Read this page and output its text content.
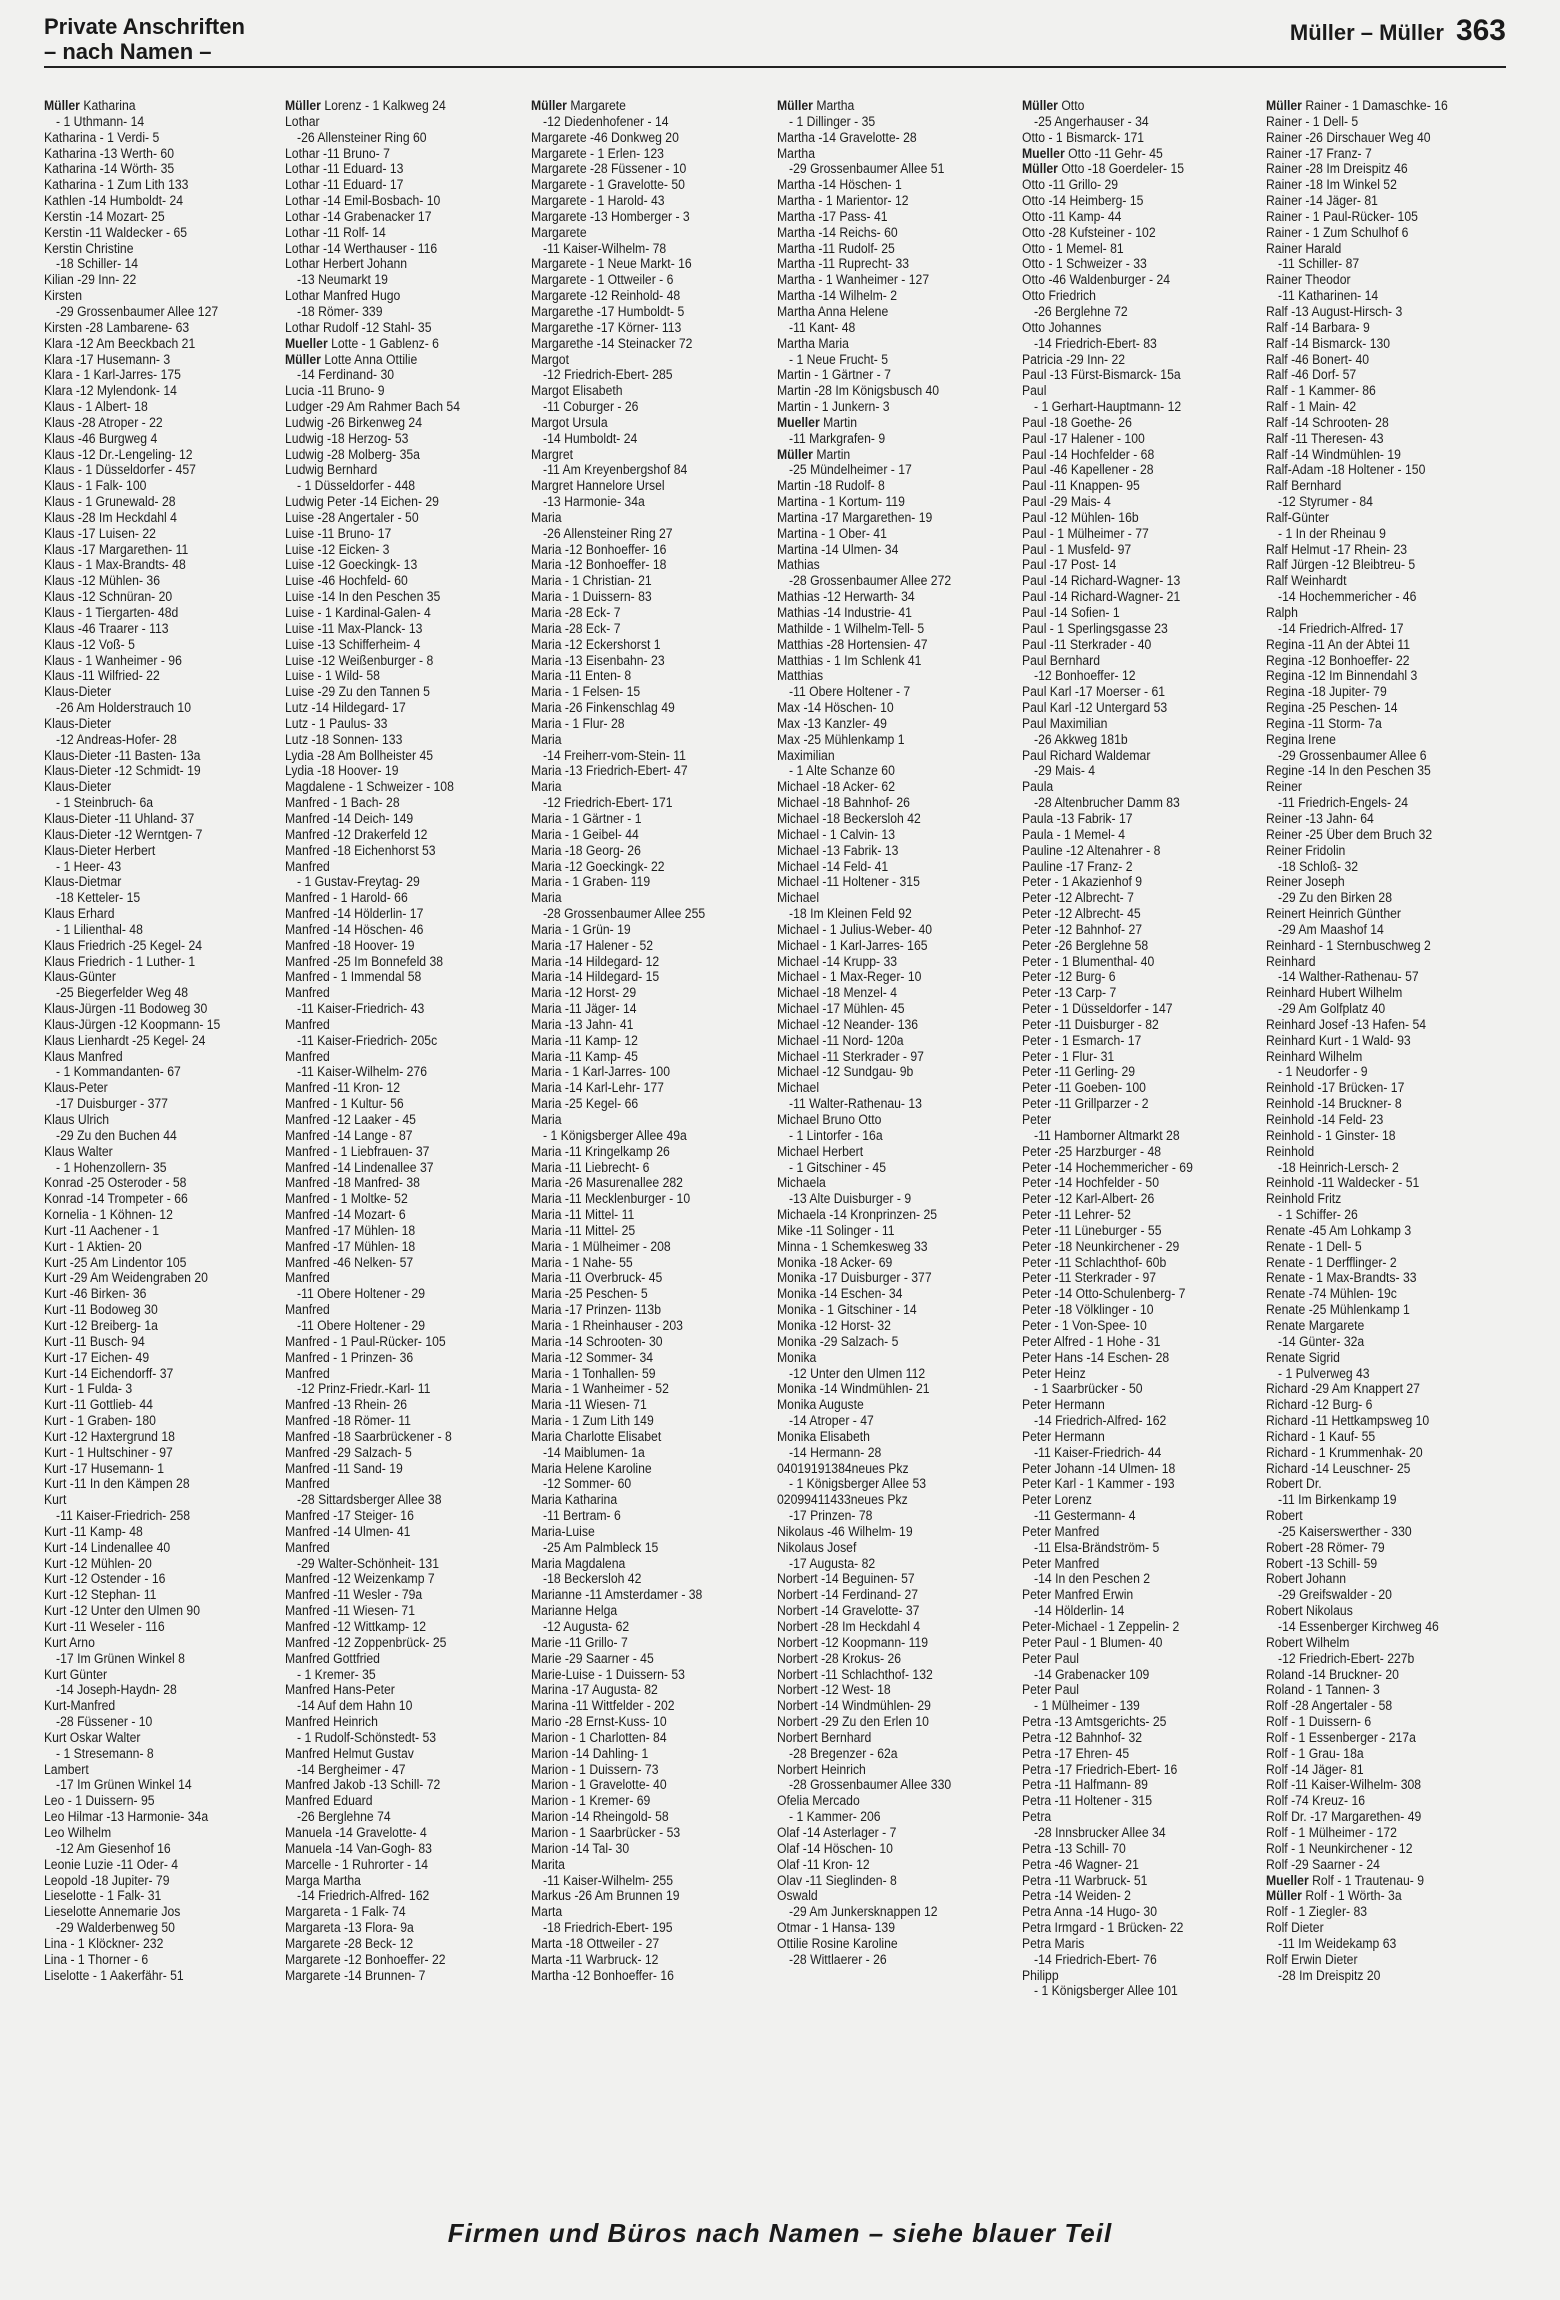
Private Anschriften
– nach Namen –
Müller – Müller 363
Müller Katharina
- 1 Uthmann- 14
Katharina - 1 Verdi- 5
Katharina -13 Werth- 60
Katharina -14 Wörth- 35
Katharina - 1 Zum Lith 133
Kathlen -14 Humboldt- 24
Kerstin -14 Mozart- 25
Kerstin -11 Waldecker - 65
Kerstin Christine
-18 Schiller- 14
Kilian -29 Inn- 22
Kirsten
-29 Grossenbaumer Allee 127
Kirsten -28 Lambarene- 63
Klara -12 Am Beeckbach 21
Klara -17 Husemann- 3
Klara - 1 Karl-Jarres- 175
Klara -12 Mylendonk- 14
Klaus - 1 Albert- 18
Klaus -28 Atroper - 22
Klaus -46 Burgweg 4
Klaus -12 Dr.-Lengeling- 12
Klaus - 1 Düsseldorfer - 457
Klaus - 1 Falk- 100
Klaus - 1 Grunewald- 28
Klaus -28 Im Heckdahl 4
Klaus -17 Luisen- 22
Klaus -17 Margarethen- 11
Klaus - 1 Max-Brandts- 48
Klaus -12 Mühlen- 36
Klaus -12 Schnüran- 20
Klaus - 1 Tiergarten- 48d
Klaus -46 Traarer - 113
Klaus -12 Voß- 5
Klaus - 1 Wanheimer - 96
Klaus -11 Wilfried- 22
Klaus-Dieter
-26 Am Holderstrauch 10
Klaus-Dieter
-12 Andreas-Hofer- 28
Klaus-Dieter -11 Basten- 13a
Klaus-Dieter -12 Schmidt- 19
Klaus-Dieter
- 1 Steinbruch- 6a
Klaus-Dieter -11 Uhland- 37
Klaus-Dieter -12 Werntgen- 7
Klaus-Dieter Herbert
- 1 Heer- 43
Klaus-Dietmar
-18 Ketteler- 15
Klaus Erhard
- 1 Lilienthal- 48
Klaus Friedrich -25 Kegel- 24
Klaus Friedrich - 1 Luther- 1
Klaus-Günter
-25 Biegerfelder Weg 48
Klaus-Jürgen -11 Bodoweg 30
Klaus-Jürgen -12 Koopmann- 15
Klaus Lienhardt -25 Kegel- 24
Klaus Manfred
- 1 Kommandanten- 67
Klaus-Peter
-17 Duisburger - 377
Klaus Ulrich
-29 Zu den Buchen 44
Klaus Walter
- 1 Hohenzollern- 35
Konrad -25 Osteroder - 58
Konrad -14 Trompeter - 66
Kornelia - 1 Köhnen- 12
Kurt -11 Aachener - 1
Kurt - 1 Aktien- 20
Kurt -25 Am Lindentor 105
Kurt -29 Am Weidengraben 20
Kurt -46 Birken- 36
Kurt -11 Bodoweg 30
Kurt -12 Breiberg- 1a
Kurt -11 Busch- 94
Kurt -17 Eichen- 49
Kurt -14 Eichendorff- 37
Kurt - 1 Fulda- 3
Kurt -11 Gottlieb- 44
Kurt - 1 Graben- 180
Kurt -12 Haxtergrund 18
Kurt - 1 Hultschiner - 97
Kurt -17 Husemann- 1
Kurt -11 In den Kämpen 28
Kurt
-11 Kaiser-Friedrich- 258
Kurt -11 Kamp- 48
Kurt -14 Lindenallee 40
Kurt -12 Mühlen- 20
Kurt -12 Ostender - 16
Kurt -12 Stephan- 11
Kurt -12 Unter den Ulmen 90
Kurt -11 Weseler - 116
Kurt Arno
-17 Im Grünen Winkel 8
Kurt Günter
-14 Joseph-Haydn- 28
Kurt-Manfred
-28 Füssener - 10
Kurt Oskar Walter
- 1 Stresemann- 8
Lambert
-17 Im Grünen Winkel 14
Leo - 1 Duissern- 95
Leo Hilmar -13 Harmonie- 34a
Leo Wilhelm
-12 Am Giesenhof 16
Leonie Luzie -11 Oder- 4
Leopold -18 Jupiter- 79
Lieselotte - 1 Falk- 31
Lieselotte Annemarie Jos
-29 Walderbenweg 50
Lina - 1 Klöckner- 232
Lina - 1 Thorner - 6
Liselotte - 1 Aakerfähr- 51
Müller Lorenz - 1 Kalkweg 24
Lothar
-26 Allensteiner Ring 60
Lothar -11 Bruno- 7
Lothar -11 Eduard- 13
Lothar -11 Eduard- 17
Lothar -14 Emil-Bosbach- 10
Lothar -14 Grabenacker 17
Lothar -11 Rolf- 14
Lothar -14 Werthauser - 116
Lothar Herbert Johann
-13 Neumarkt 19
Lothar Manfred Hugo
-18 Römer- 339
Lothar Rudolf -12 Stahl- 35
Mueller Lotte - 1 Gablenz- 6
Müller Lotte Anna Ottilie
-14 Ferdinand- 30
Lucia -11 Bruno- 9
Ludger -29 Am Rahmer Bach 54
Ludwig -26 Birkenweg 24
Ludwig -18 Herzog- 53
Ludwig -28 Molberg- 35a
Ludwig Bernhard
- 1 Düsseldorfer - 448
Ludwig Peter -14 Eichen- 29
Luise -28 Angertaler - 50
Luise -11 Bruno- 17
Luise -12 Eicken- 3
Luise -12 Goeckingk- 13
Luise -46 Hochfeld- 60
Luise -14 In den Peschen 35
Luise - 1 Kardinal-Galen- 4
Luise -11 Max-Planck- 13
Luise -13 Schifferheim- 4
Luise -12 Weißenburger - 8
Luise - 1 Wild- 58
Luise -29 Zu den Tannen 5
Lutz -14 Hildegard- 17
Lutz - 1 Paulus- 33
Lutz -18 Sonnen- 133
Lydia -28 Am Bollheister 45
Lydia -18 Hoover- 19
Magdalene - 1 Schweizer - 108
Manfred - 1 Bach- 28
Manfred -14 Deich- 149
Manfred -12 Drakerfeld 12
Manfred -18 Eichenhorst 53
Manfred
- 1 Gustav-Freytag- 29
Manfred - 1 Harold- 66
Manfred -14 Hölderlin- 17
Manfred -14 Höschen- 46
Manfred -18 Hoover- 19
Manfred -25 Im Bonnefeld 38
Manfred - 1 Immendal 58
Manfred
-11 Kaiser-Friedrich- 43
Manfred
-11 Kaiser-Friedrich- 205c
Manfred
-11 Kaiser-Wilhelm- 276
Manfred -11 Kron- 12
Manfred - 1 Kultur- 56
Manfred -12 Laaker - 45
Manfred -14 Lange - 87
Manfred - 1 Liebfrauen- 37
Manfred -14 Lindenallee 37
Manfred -18 Manfred- 38
Manfred - 1 Moltke- 52
Manfred -14 Mozart- 6
Manfred -17 Mühlen- 18
Manfred -17 Mühlen- 18
Manfred -46 Nelken- 57
Manfred
-11 Obere Holtener - 29
Manfred
-11 Obere Holtener - 29
Manfred - 1 Paul-Rücker- 105
Manfred - 1 Prinzen- 36
Manfred
-12 Prinz-Friedr.-Karl- 11
Manfred -13 Rhein- 26
Manfred -18 Römer- 11
Manfred -18 Saarbrückener - 8
Manfred -29 Salzach- 5
Manfred -11 Sand- 19
Manfred
-28 Sittardsberger Allee 38
Manfred -17 Steiger- 16
Manfred -14 Ulmen- 41
Manfred
-29 Walter-Schönheit- 131
Manfred -12 Weizenkamp 7
Manfred -11 Wesler - 79a
Manfred -11 Wiesen- 71
Manfred -12 Wittkamp- 12
Manfred -12 Zoppenbrück- 25
Manfred Gottfried
- 1 Kremer- 35
Manfred Hans-Peter
-14 Auf dem Hahn 10
Manfred Heinrich
- 1 Rudolf-Schönstedt- 53
Manfred Helmut Gustav
-14 Bergheimer - 47
Manfred Jakob -13 Schill- 72
Manfred Eduard
-26 Berglehne 74
Manuela -14 Gravelotte- 4
Manuela -14 Van-Gogh- 83
Marcelle - 1 Ruhrorter - 14
Marga Martha
-14 Friedrich-Alfred- 162
Margareta - 1 Falk- 74
Margareta -13 Flora- 9a
Margarete -28 Beck- 12
Margarete -12 Bonhoeffer- 22
Margarete -14 Brunnen- 7
Müller Margarete
-12 Diedenhofener - 14
Margarete -46 Donkweg 20
Margarete - 1 Erlen- 123
Margarete -28 Füssener - 10
Margarete - 1 Gravelotte- 50
Margarete - 1 Harold- 43
Margarete -13 Homberger - 3
Margarete
-11 Kaiser-Wilhelm- 78
Margarete - 1 Neue Markt- 16
Margarete - 1 Ottweiler - 6
Margarete -12 Reinhold- 48
Margarethe -17 Humboldt- 5
Margarethe -17 Körner- 113
Margarethe -14 Steinacker 72
Margot
-12 Friedrich-Ebert- 285
Margot Elisabeth
-11 Coburger - 26
Margot Ursula
-14 Humboldt- 24
Margret
-11 Am Kreyenbergshof 84
Margret Hannelore Ursel
-13 Harmonie- 34a
Maria
-26 Allensteiner Ring 27
Maria -12 Bonhoeffer- 16
Maria -12 Bonhoeffer- 18
Maria - 1 Christian- 21
Maria - 1 Duissern- 83
Maria -28 Eck- 7
Maria -28 Eck- 7
Maria -12 Eckershorst 1
Maria -13 Eisenbahn- 23
Maria -11 Enten- 8
Maria - 1 Felsen- 15
Maria -26 Finkenschlag 49
Maria - 1 Flur- 28
Maria
-14 Freiherr-vom-Stein- 11
Maria -13 Friedrich-Ebert- 47
Maria
-12 Friedrich-Ebert- 171
Maria - 1 Gärtner - 1
Maria - 1 Geibel- 44
Maria -18 Georg- 26
Maria -12 Goeckingk- 22
Maria - 1 Graben- 119
Maria
-28 Grossenbaumer Allee 255
Maria - 1 Grün- 19
Maria -17 Halener - 52
Maria -14 Hildegard- 12
Maria -14 Hildegard- 15
Maria -12 Horst- 29
Maria -11 Jäger- 14
Maria -13 Jahn- 41
Maria -11 Kamp- 12
Maria -11 Kamp- 45
Maria - 1 Karl-Jarres- 100
Maria -14 Karl-Lehr- 177
Maria -25 Kegel- 66
Maria
- 1 Königsberger Allee 49a
Maria -11 Kringelkamp 26
Maria -11 Liebrecht- 6
Maria -26 Masurenallee 282
Maria -11 Mecklenburger - 10
Maria -11 Mittel- 11
Maria -11 Mittel- 25
Maria - 1 Mülheimer - 208
Maria - 1 Nahe- 55
Maria -11 Overbruck- 45
Maria -25 Peschen- 5
Maria -17 Prinzen- 113b
Maria - 1 Rheinhauser - 203
Maria -14 Schrooten- 30
Maria -12 Sommer- 34
Maria - 1 Tonhallen- 59
Maria - 1 Wanheimer - 52
Maria -11 Wiesen- 71
Maria - 1 Zum Lith 149
Maria Charlotte Elisabet
-14 Maiblumen- 1a
Maria Helene Karoline
-12 Sommer- 60
Maria Katharina
-11 Bertram- 6
Maria-Luise
-25 Am Palmbleck 15
Maria Magdalena
-18 Beckersloh 42
Marianne -11 Amsterdamer - 38
Marianne Helga
-12 Augusta- 62
Marie -11 Grillo- 7
Marie -29 Saarner - 45
Marie-Luise - 1 Duissern- 53
Marina -17 Augusta- 82
Marina -11 Wittfelder - 202
Mario -28 Ernst-Kuss- 10
Marion - 1 Charlotten- 84
Marion -14 Dahling- 1
Marion - 1 Duissern- 73
Marion - 1 Gravelotte- 40
Marion - 1 Kremer- 69
Marion -14 Rheingold- 58
Marion - 1 Saarbrücker - 53
Marion -14 Tal- 30
Marita
-11 Kaiser-Wilhelm- 255
Markus -26 Am Brunnen 19
Marta
-18 Friedrich-Ebert- 195
Marta -18 Ottweiler - 27
Marta -11 Warbruck- 12
Martha -12 Bonhoeffer- 16
Müller Martha
- 1 Dillinger - 35
Martha -14 Gravelotte- 28
Martha
-29 Grossenbaumer Allee 51
Martha -14 Höschen- 1
Martha - 1 Marientor- 12
Martha -17 Pass- 41
Martha -14 Reichs- 60
Martha -11 Rudolf- 25
Martha -11 Ruprecht- 33
Martha - 1 Wanheimer - 127
Martha -14 Wilhelm- 2
Martha Anna Helene
-11 Kant- 48
Martha Maria
- 1 Neue Frucht- 5
Martin - 1 Gärtner - 7
Martin -28 Im Königsbusch 40
Martin - 1 Junkern- 3
Mueller Martin
-11 Markgrafen- 9
Müller Martin
-25 Mündelheimer - 17
Martin -18 Rudolf- 8
Martina - 1 Kortum- 119
Martina -17 Margarethen- 19
Martina - 1 Ober- 41
Martina -14 Ulmen- 34
Mathias
-28 Grossenbaumer Allee 272
Mathias -12 Herwarth- 34
Mathias -14 Industrie- 41
Mathilde - 1 Wilhelm-Tell- 5
Matthias -28 Hortensien- 47
Matthias - 1 Im Schlenk 41
Matthias
-11 Obere Holtener - 7
Max -14 Höschen- 10
Max -13 Kanzler- 49
Max -25 Mühlenkamp 1
Maximilian
- 1 Alte Schanze 60
Michael -18 Acker- 62
Michael -18 Bahnhof- 26
Michael -18 Beckersloh 42
Michael - 1 Calvin- 13
Michael -13 Fabrik- 13
Michael -14 Feld- 41
Michael -11 Holtener - 315
Michael
-18 Im Kleinen Feld 92
Michael - 1 Julius-Weber- 40
Michael - 1 Karl-Jarres- 165
Michael -14 Krupp- 33
Michael - 1 Max-Reger- 10
Michael -18 Menzel- 4
Michael -17 Mühlen- 45
Michael -12 Neander- 136
Michael -11 Nord- 120a
Michael -11 Sterkrader - 97
Michael -12 Sundgau- 9b
Michael
-11 Walter-Rathenau- 13
Michael Bruno Otto
- 1 Lintorfer - 16a
Michael Herbert
- 1 Gitschiner - 45
Michaela
-13 Alte Duisburger - 9
Michaela -14 Kronprinzen- 25
Mike -11 Solinger - 11
Minna - 1 Schemkesweg 33
Monika -18 Acker- 69
Monika -17 Duisburger - 377
Monika -14 Eschen- 34
Monika - 1 Gitschiner - 14
Monika -12 Horst- 32
Monika -29 Salzach- 5
Monika
-12 Unter den Ulmen 112
Monika -14 Windmühlen- 21
Monika Auguste
-14 Atroper - 47
Monika Elisabeth
-14 Hermann- 28
04019191384neues Pkz
- 1 Königsberger Allee 53
02099411433neues Pkz
-17 Prinzen- 78
Nikolaus -46 Wilhelm- 19
Nikolaus Josef
-17 Augusta- 82
Norbert -14 Beguinen- 57
Norbert -14 Ferdinand- 27
Norbert -14 Gravelotte- 37
Norbert -28 Im Heckdahl 4
Norbert -12 Koopmann- 119
Norbert -28 Krokus- 26
Norbert -11 Schlachthof- 132
Norbert -12 West- 18
Norbert -14 Windmühlen- 29
Norbert -29 Zu den Erlen 10
Norbert Bernhard
-28 Bregenzer - 62a
Norbert Heinrich
-28 Grossenbaumer Allee 330
Ofelia Mercado
- 1 Kammer- 206
Olaf -14 Asterlager - 7
Olaf -14 Höschen- 10
Olaf -11 Kron- 12
Olav -11 Sieglinden- 8
Oswald
-29 Am Junkersknappen 12
Otmar - 1 Hansa- 139
Ottilie Rosine Karoline
-28 Wittlaerer - 26
Müller Otto
-25 Angerhauser - 34
Otto - 1 Bismarck- 171
Mueller Otto -11 Gehr- 45
Müller Otto -18 Goerdeler- 15
Otto -11 Grillo- 29
Otto -14 Heimberg- 15
Otto -11 Kamp- 44
Otto -28 Kufsteiner - 102
Otto - 1 Memel- 81
Otto - 1 Schweizer - 33
Otto -46 Waldenburger - 24
Otto Friedrich
-26 Berglehne 72
Otto Johannes
-14 Friedrich-Ebert- 83
Patricia -29 Inn- 22
Paul -13 Fürst-Bismarck- 15a
Paul
- 1 Gerhart-Hauptmann- 12
Paul -18 Goethe- 26
Paul -17 Halener - 100
Paul -14 Hochfelder - 68
Paul -46 Kapellener - 28
Paul -11 Knappen- 95
Paul -29 Mais- 4
Paul -12 Mühlen- 16b
Paul - 1 Mülheimer - 77
Paul - 1 Musfeld- 97
Paul -17 Post- 14
Paul -14 Richard-Wagner- 13
Paul -14 Richard-Wagner- 21
Paul -14 Sofien- 1
Paul - 1 Sperlingsgasse 23
Paul -11 Sterkrader - 40
Paul Bernhard
-12 Bonhoeffer- 12
Paul Karl -17 Moerser - 61
Paul Karl -12 Untergard 53
Paul Maximilian
-26 Akkweg 181b
Paul Richard Waldemar
-29 Mais- 4
Paula
-28 Altenbrucher Damm 83
Paula -13 Fabrik- 17
Paula - 1 Memel- 4
Pauline -12 Altenahrer - 8
Pauline -17 Franz- 2
Peter - 1 Akazienhof 9
Peter -12 Albrecht- 7
Peter -12 Albrecht- 45
Peter -12 Bahnhof- 27
Peter -26 Berglehne 58
Peter - 1 Blumenthal- 40
Peter -12 Burg- 6
Peter -13 Carp- 7
Peter - 1 Düsseldorfer - 147
Peter -11 Duisburger - 82
Peter - 1 Esmarch- 17
Peter - 1 Flur- 31
Peter -11 Gerling- 29
Peter -11 Goeben- 100
Peter -11 Grillparzer - 2
Peter
-11 Hamborner Altmarkt 28
Peter -25 Harzburger - 48
Peter -14 Hochemmericher - 69
Peter -14 Hochfelder - 50
Peter -12 Karl-Albert- 26
Peter -11 Lehrer- 52
Peter -11 Lüneburger - 55
Peter -18 Neunkirchener - 29
Peter -11 Schlachthof- 60b
Peter -11 Sterkrader - 97
Peter -14 Otto-Schulenberg- 7
Peter -18 Völklinger - 10
Peter - 1 Von-Spee- 10
Peter Alfred - 1 Hohe - 31
Peter Hans -14 Eschen- 28
Peter Heinz
- 1 Saarbrücker - 50
Peter Hermann
-14 Friedrich-Alfred- 162
Peter Hermann
-11 Kaiser-Friedrich- 44
Peter Johann -14 Ulmen- 18
Peter Karl - 1 Kammer - 193
Peter Lorenz
-11 Gestermann- 4
Peter Manfred
-11 Elsa-Brändström- 5
Peter Manfred
-14 In den Peschen 2
Peter Manfred Erwin
-14 Hölderlin- 14
Peter-Michael - 1 Zeppelin- 2
Peter Paul - 1 Blumen- 40
Peter Paul
-14 Grabenacker 109
Peter Paul
- 1 Mülheimer - 139
Petra -13 Amtsgerichts- 25
Petra -12 Bahnhof- 32
Petra -17 Ehren- 45
Petra -17 Friedrich-Ebert- 16
Petra -11 Halfmann- 89
Petra -11 Holtener - 315
Petra
-28 Innsbrucker Allee 34
Petra -13 Schill- 70
Petra -46 Wagner- 21
Petra -11 Warbruck- 51
Petra -14 Weiden- 2
Petra Anna -14 Hugo- 30
Petra Irmgard - 1 Brücken- 22
Petra Maris
-14 Friedrich-Ebert- 76
Philipp
- 1 Königsberger Allee 101
Müller Rainer - 1 Damaschke- 16
Rainer - 1 Dell- 5
Rainer -26 Dirschauer Weg 40
Rainer -17 Franz- 7
Rainer -28 Im Dreispitz 46
Rainer -18 Im Winkel 52
Rainer -14 Jäger- 81
Rainer - 1 Paul-Rücker- 105
Rainer - 1 Zum Schulhof 6
Rainer Harald
-11 Schiller- 87
Rainer Theodor
-11 Katharinen- 14
Ralf -13 August-Hirsch- 3
Ralf -14 Barbara- 9
Ralf -14 Bismarck- 130
Ralf -46 Bonert- 40
Ralf -46 Dorf- 57
Ralf - 1 Kammer- 86
Ralf - 1 Main- 42
Ralf -14 Schrooten- 28
Ralf -11 Theresen- 43
Ralf -14 Windmühlen- 19
Ralf-Adam -18 Holtener - 150
Ralf Bernhard
-12 Styrumer - 84
Ralf-Günter
- 1 In der Rheinau 9
Ralf Helmut -17 Rhein- 23
Ralf Jürgen -12 Bleibtreu- 5
Ralf Weinhardt
-14 Hochemmericher - 46
Ralph
-14 Friedrich-Alfred- 17
Regina -11 An der Abtei 11
Regina -12 Bonhoeffer- 22
Regina -12 Im Binnendahl 3
Regina -18 Jupiter- 79
Regina -25 Peschen- 14
Regina -11 Storm- 7a
Regina Irene
-29 Grossenbaumer Allee 6
Regine -14 In den Peschen 35
Reiner
-11 Friedrich-Engels- 24
Reiner -13 Jahn- 64
Reiner -25 Über dem Bruch 32
Reiner Fridolin
-18 Schloß- 32
Reiner Joseph
-29 Zu den Birken 28
Reinert Heinrich Günther
-29 Am Maashof 14
Reinhard - 1 Sternbuschweg 2
Reinhard
-14 Walther-Rathenau- 57
Reinhard Hubert Wilhelm
-29 Am Golfplatz 40
Reinhard Josef -13 Hafen- 54
Reinhard Kurt - 1 Wald- 93
Reinhard Wilhelm
- 1 Neudorfer - 9
Reinhold -17 Brücken- 17
Reinhold -14 Bruckner- 8
Reinhold -14 Feld- 23
Reinhold - 1 Ginster- 18
Reinhold
-18 Heinrich-Lersch- 2
Reinhold -11 Waldecker - 51
Reinhold Fritz
- 1 Schiffer- 26
Renate -45 Am Lohkamp 3
Renate - 1 Dell- 5
Renate - 1 Derfflinger- 2
Renate - 1 Max-Brandts- 33
Renate -74 Mühlen- 19c
Renate -25 Mühlenkamp 1
Renate Margarete
-14 Günter- 32a
Renate Sigrid
- 1 Pulverweg 43
Richard -29 Am Knappert 27
Richard -12 Burg- 6
Richard -11 Hettkampsweg 10
Richard - 1 Kauf- 55
Richard - 1 Krummenhak- 20
Richard -14 Leuschner- 25
Robert Dr.
-11 Im Birkenkamp 19
Robert
-25 Kaiserswerther - 330
Robert -28 Römer- 79
Robert -13 Schill- 59
Robert Johann
-29 Greifswalder - 20
Robert Nikolaus
-14 Essenberger Kirchweg 46
Robert Wilhelm
-12 Friedrich-Ebert- 227b
Roland -14 Bruckner- 20
Roland - 1 Tannen- 3
Rolf -28 Angertaler - 58
Rolf - 1 Duissern- 6
Rolf - 1 Essenberger - 217a
Rolf - 1 Grau- 18a
Rolf -14 Jäger- 81
Rolf -11 Kaiser-Wilhelm- 308
Rolf -74 Kreuz- 16
Rolf Dr. -17 Margarethen- 49
Rolf - 1 Mülheimer - 172
Rolf - 1 Neunkirchener - 12
Rolf -29 Saarner - 24
Mueller Rolf - 1 Trautenau- 9
Müller Rolf - 1 Wörth- 3a
Rolf - 1 Ziegler- 83
Rolf Dieter
-11 Im Weidekamp 63
Rolf Erwin Dieter
-28 Im Dreispitz 20
Firmen und Büros nach Namen – siehe blauer Teil
